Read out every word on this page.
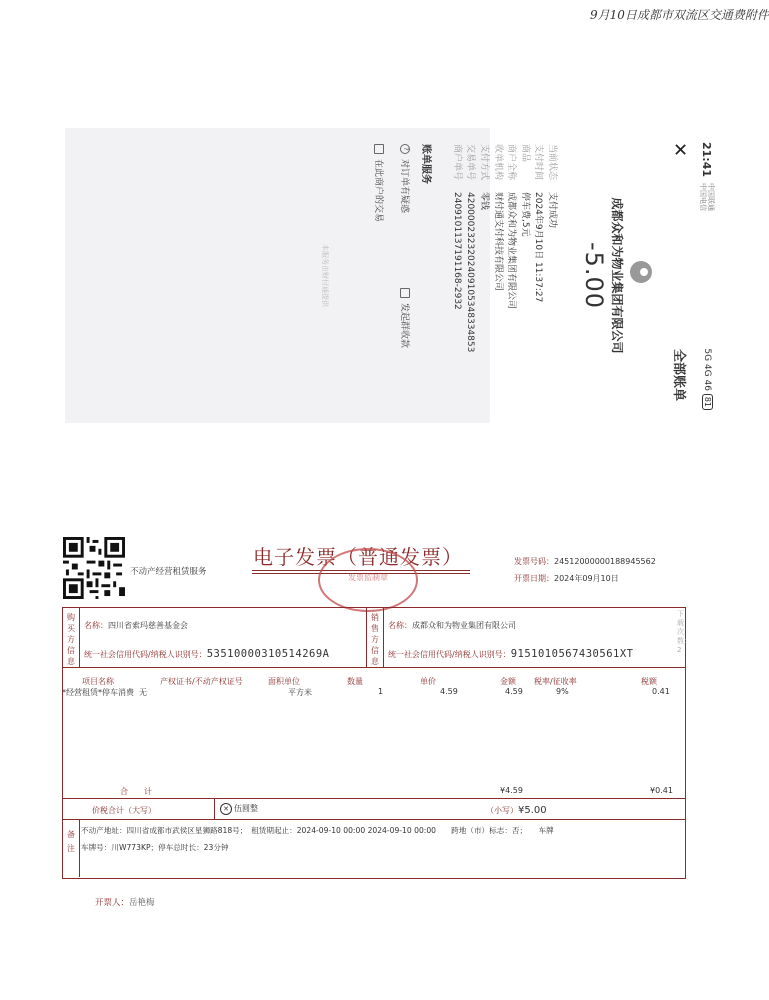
9月10日成都市双流区交通费附件
21:41
中国联通
中国电信
5G 4G 46 81
✕
全部账单
成都众和为物业集团有限公司
-5.00
当前状态
支付成功
支付时间
2024年9月10日 11:37:27
商品
停车费,5元
商户全称
成都众和为物业集团有限公司
收单机构
财付通支付科技有限公司
支付方式
零钱
交易单号
4200002323202409105348334853
商户单号
2409101137191168-2932
账单服务
?
对订单有疑惑
发起群收款
在此商户的交易
本服务由财付通提供
不动产经营租赁服务
电子发票（普通发票）
发票监制章
发票号码：24512000000188945562
开票日期：2024年09月10日
下载次数：2
购买方信息
销售方信息
名称：四川省索玛慈善基金会
统一社会信用代码/纳税人识别号：53510000310514269A
名称：成都众和为物业集团有限公司
统一社会信用代码/纳税人识别号：91510105674305​61XT
项目名称	产权证书/不动产权证号	面积单位	数量	单价	金额 税率/征收率	税额
*经营租赁*停车消费 无	平方米	1	4.59	4.59	9%	0.41
合　　计	¥4.59	¥0.41
价税合计（大写）	✕ 伍圆整	（小写）¥5.00
备注
不动产地址：四川省成都市武侯区星狮路818号；　租赁期起止：2024-09-10 00:00 2024-09-10 00:00　　跨地（市）标志：否；　　车牌
车牌号：川W773KP；停车总时长：23分钟
开票人：岳艳梅
